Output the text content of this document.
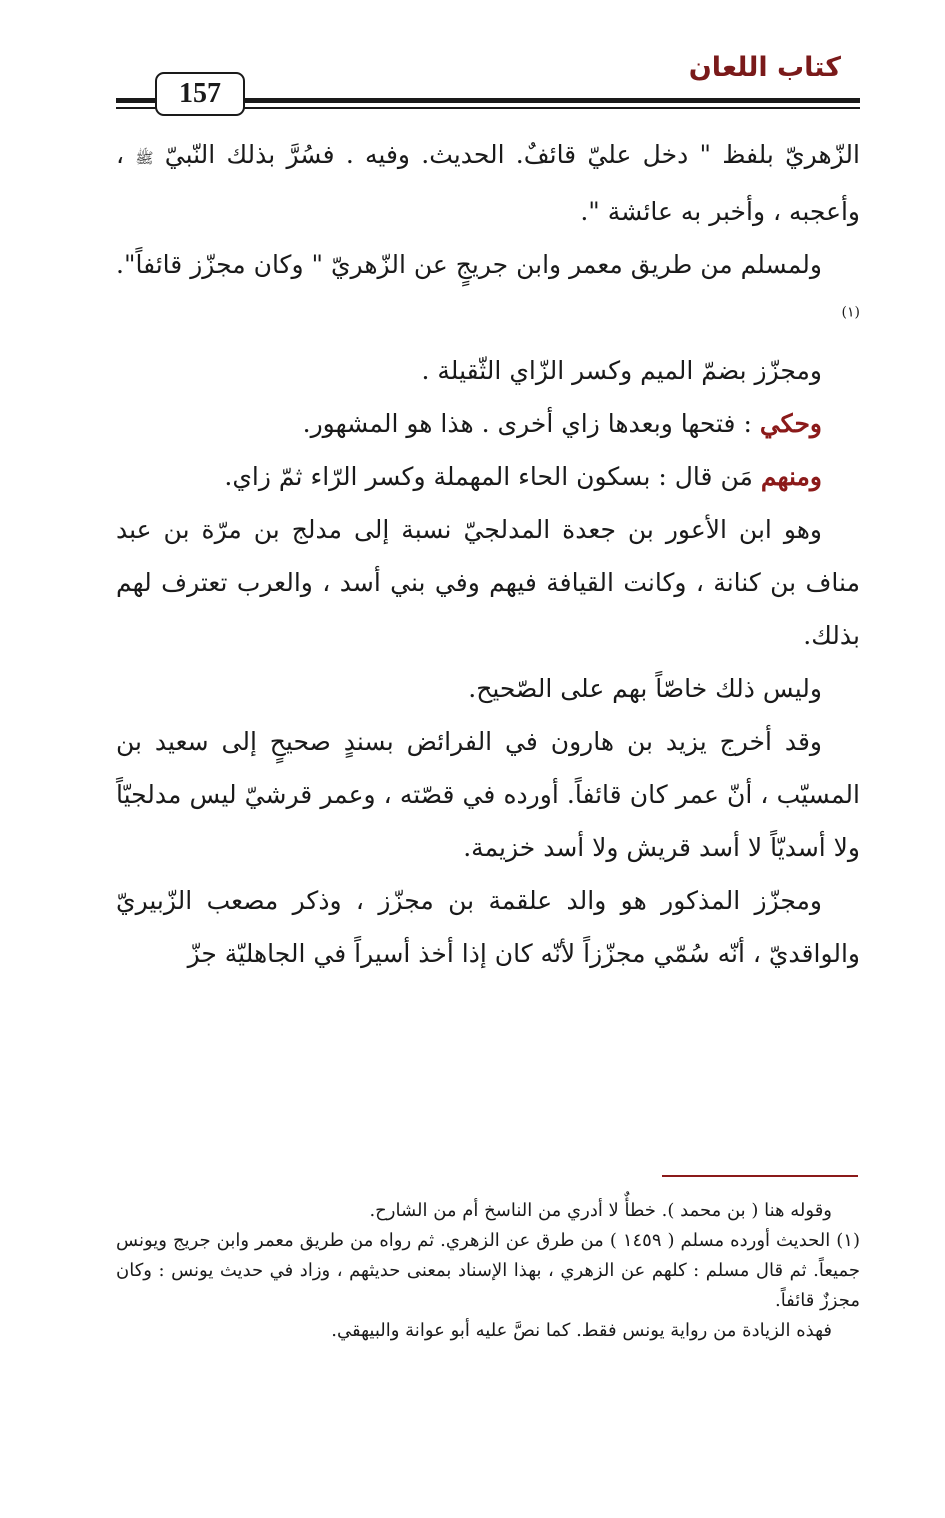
كتاب اللعان
157

الزّهريّ بلفظ " دخل عليّ قائفٌ. الحديث. وفيه . فسُرَّ بذلك النّبيّ ﷺ ، وأعجبه ، وأخبر به عائشة ".

ولمسلم من طريق معمر وابن جريجٍ عن الزّهريّ " وكان مجزّز قائفاً".$^{(١)}$

ومجزّز بضمّ الميم وكسر الزّاي الثّقيلة .

وحكي : فتحها وبعدها زاي أخرى . هذا هو المشهور.

ومنهم مَن قال : بسكون الحاء المهملة وكسر الرّاء ثمّ زاي.

وهو ابن الأعور بن جعدة المدلجيّ نسبة إلى مدلج بن مرّة بن عبد مناف بن كنانة ، وكانت القيافة فيهم وفي بني أسد ، والعرب تعترف لهم بذلك.

وليس ذلك خاصّاً بهم على الصّحيح.

وقد أخرج يزيد بن هارون في الفرائض بسندٍ صحيحٍ إلى سعيد بن المسيّب ، أنّ عمر كان قائفاً. أورده في قصّته ، وعمر قرشيّ ليس مدلجيّاً ولا أسديّاً لا أسد قريش ولا أسد خزيمة.

ومجزّز المذكور هو والد علقمة بن مجزّز ، وذكر مصعب الزّبيريّ والواقديّ ، أنّه سُمّي مجزّزاً لأنّه كان إذا أخذ أسيراً في الجاهليّة جزّ

وقوله هنا ( بن محمد ). خطأٌ لا أدري من الناسخ أم من الشارح.

(١) الحديث أورده مسلم ( ١٤٥٩ ) من طرق عن الزهري. ثم رواه من طريق معمر وابن جريج ويونس جميعاً. ثم قال مسلم : كلهم عن الزهري ، بهذا الإسناد بمعنى حديثهم ، وزاد في حديث يونس : وكان مجززٌ قائفاً.

فهذه الزيادة من رواية يونس فقط. كما نصَّ عليه أبو عوانة والبيهقي.
